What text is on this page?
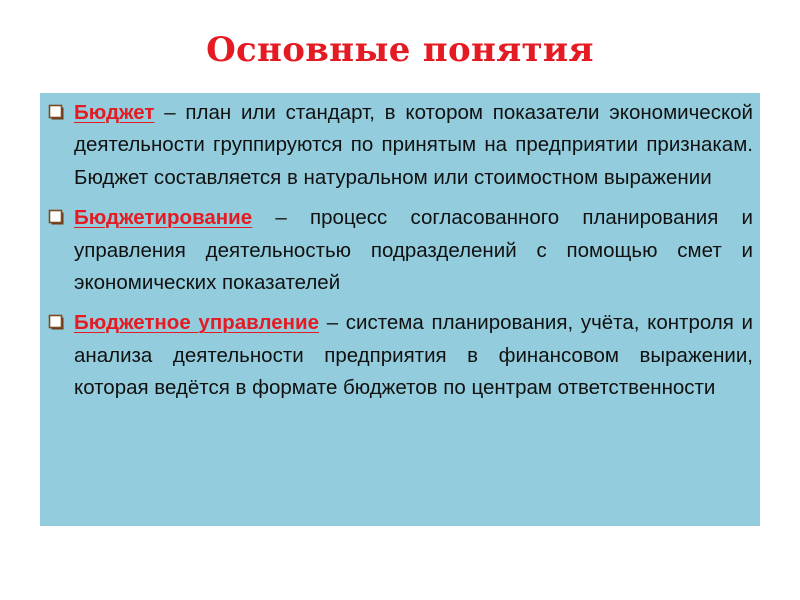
Основные понятия
Бюджет – план или стандарт, в котором показатели экономической деятельности группируются по принятым на предприятии признакам. Бюджет составляется в натуральном или стоимостном выражении
Бюджетирование – процесс согласованного планирования и управления деятельностью подразделений с помощью смет и экономических показателей
Бюджетное управление – система планирования, учёта, контроля и анализа деятельности предприятия в финансовом выражении, которая ведётся в формате бюджетов по центрам ответственности
